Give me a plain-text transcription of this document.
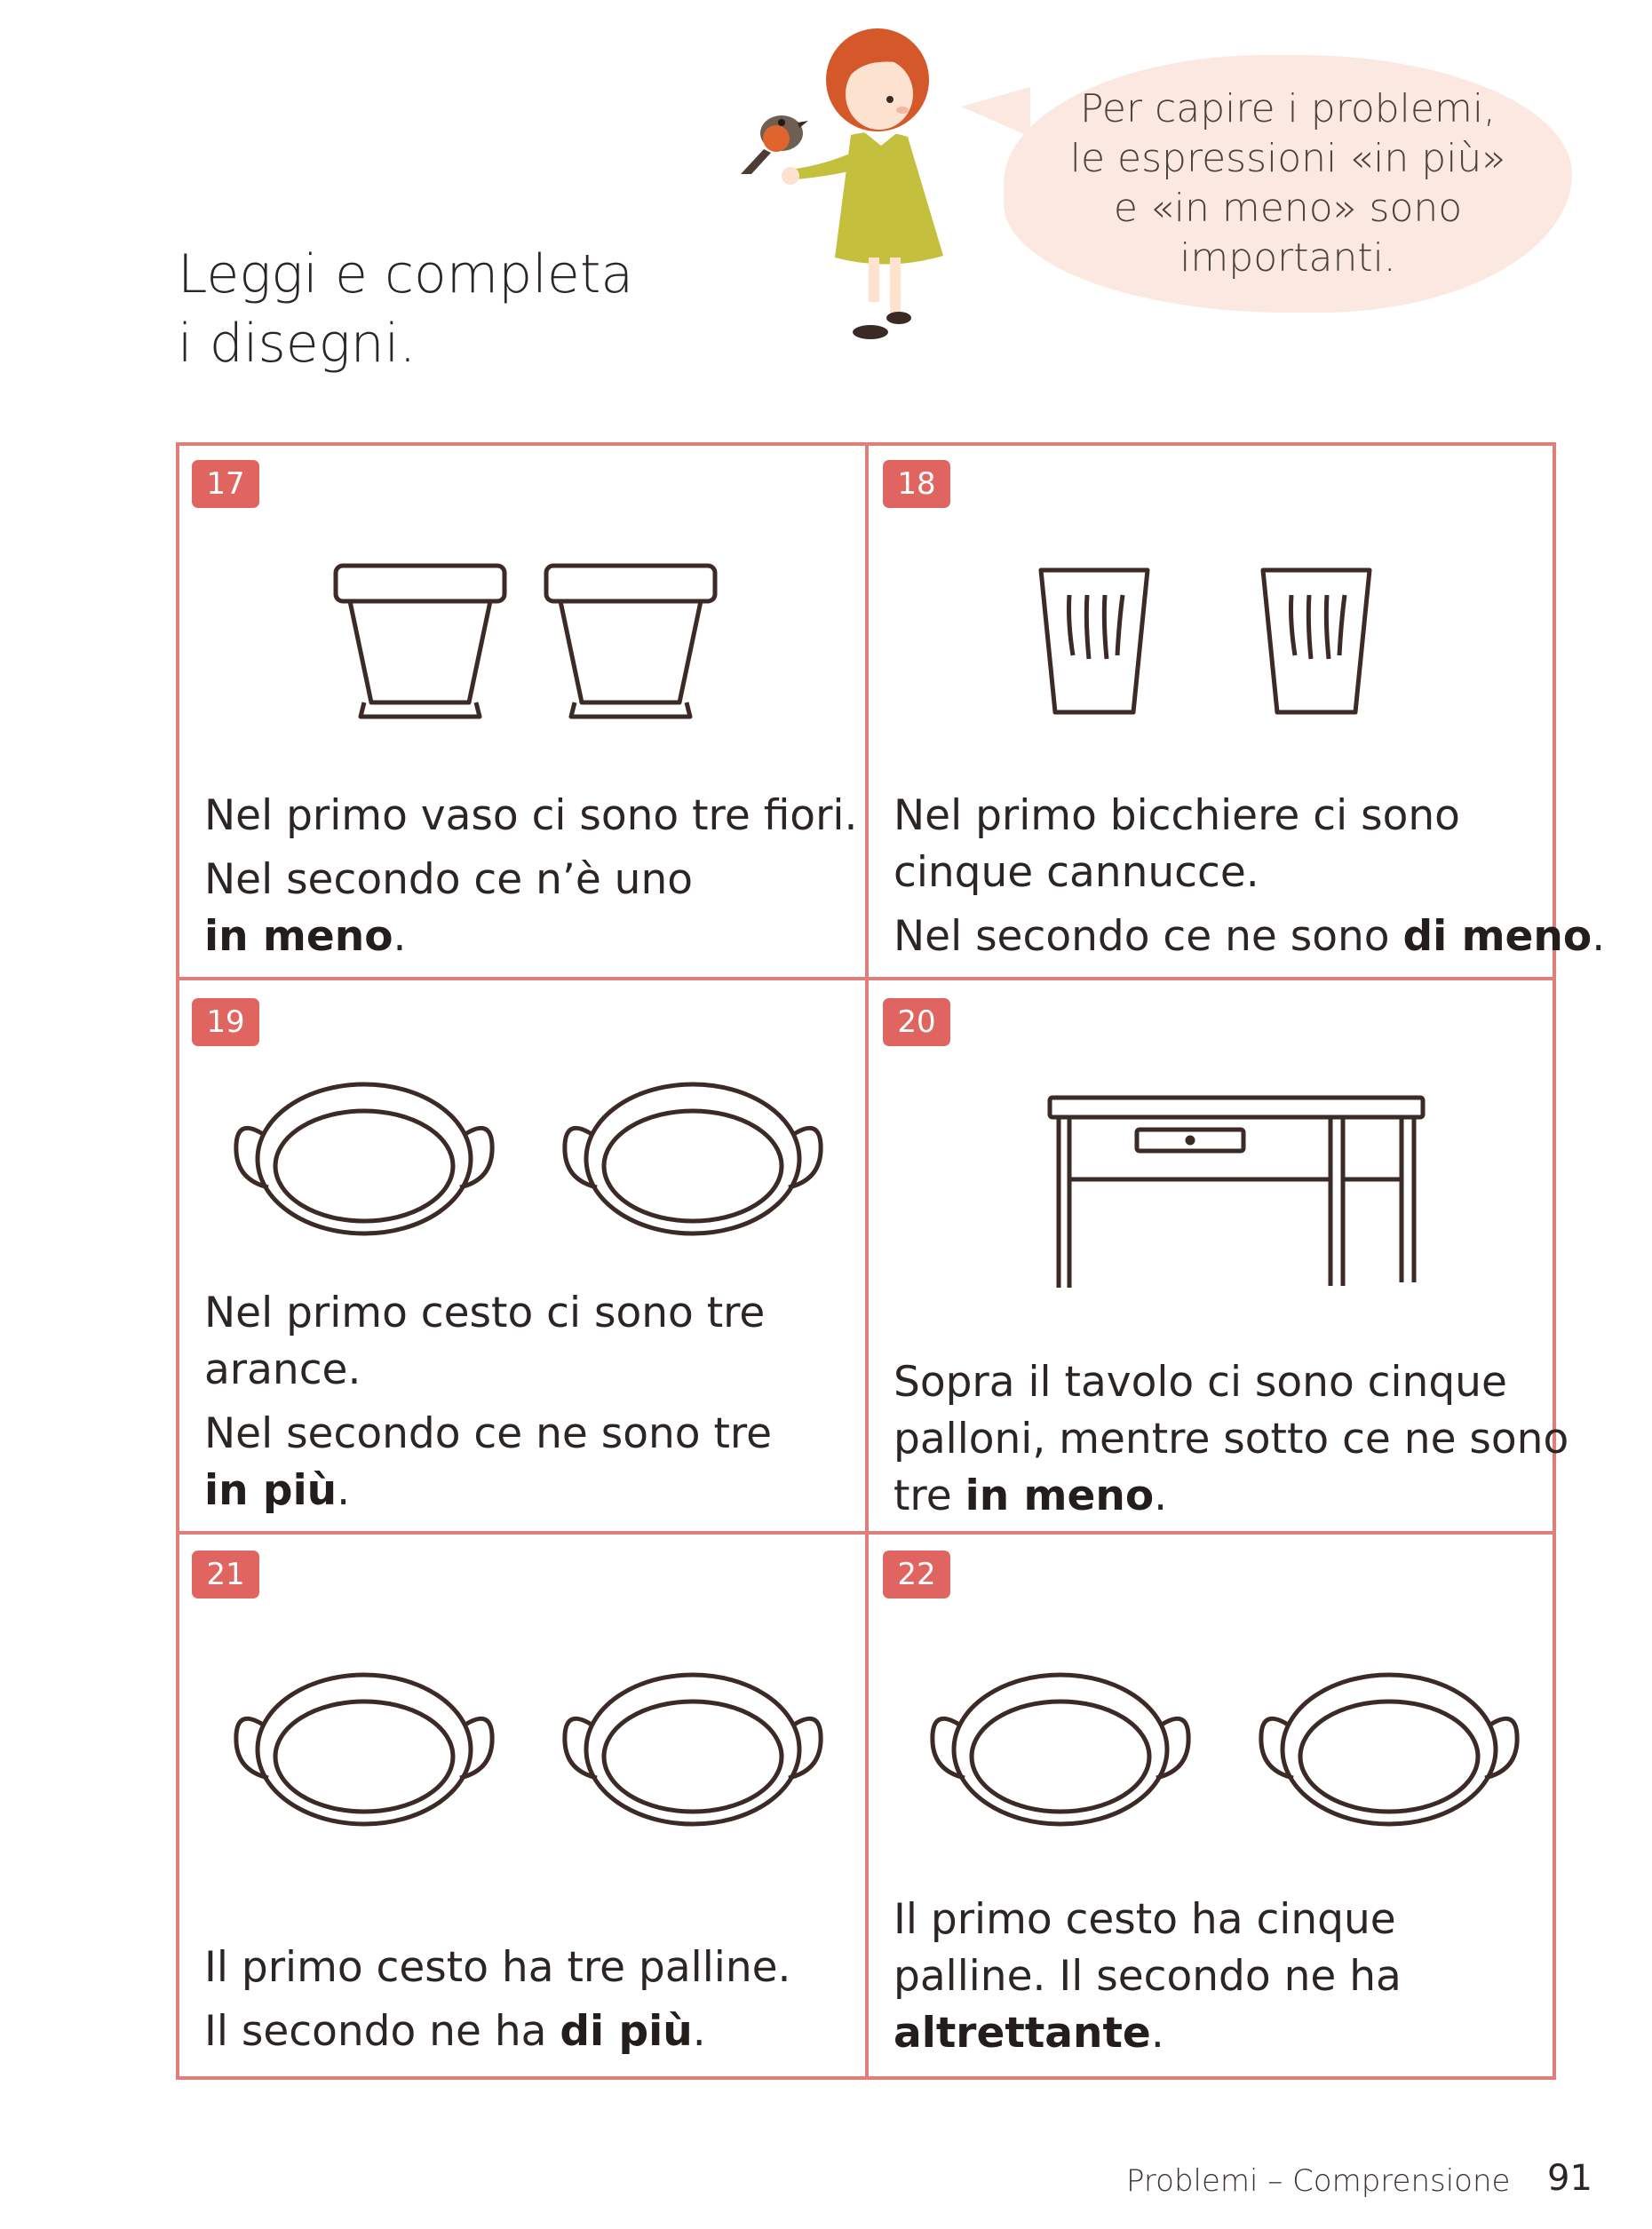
Leggi e completa
i disegni.
Per capire i problemi,
le espressioni «in più»
e «in meno» sono
importanti.
17
Nel primo vaso ci sono tre fiori.
Nel secondo ce n’è uno
in meno.
18
Nel primo bicchiere ci sono
cinque cannucce.
Nel secondo ce ne sono di meno.
19
Nel primo cesto ci sono tre
arance.
Nel secondo ce ne sono tre
in più.
20
Sopra il tavolo ci sono cinque
palloni, mentre sotto ce ne sono
tre in meno.
21
Il primo cesto ha tre palline.
Il secondo ne ha di più.
22
Il primo cesto ha cinque
palline. Il secondo ne ha
altrettante.
Problemi – Comprensione 91
